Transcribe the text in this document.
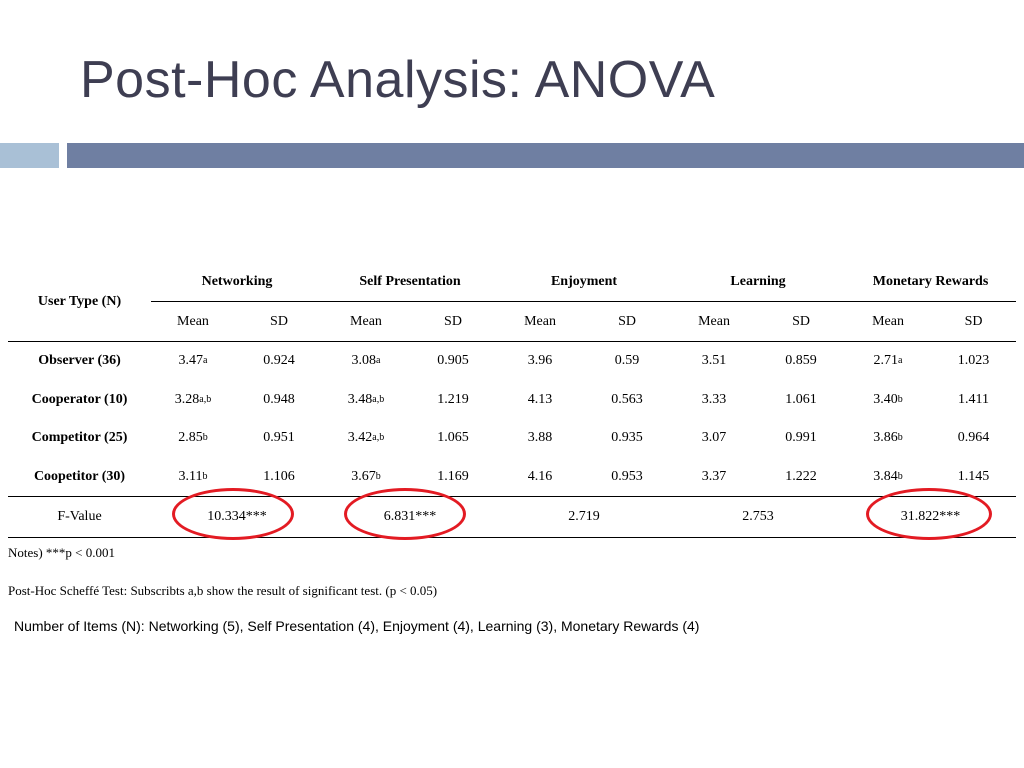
Post-Hoc Analysis: ANOVA
User Type (N)	Networking		Self Presentation		Enjoyment		Learning		Monetary Rewards	
	Mean	SD	Mean	SD	Mean	SD	Mean	SD	Mean	SD
Observer (36)	$3.47_a$	0.924	$3.08_a$	0.905	3.96	0.59	3.51	0.859	$2.71_a$	1.023
Cooperator (10)	$3.28_{a,b}$	0.948	$3.48_{a,b}$	1.219	4.13	0.563	3.33	1.061	$3.40_b$	1.411
Competitor (25)	$2.85_b$	0.951	$3.42_{a,b}$	1.065	3.88	0.935	3.07	0.991	$3.86_b$	0.964
Coopetitor (30)	$3.11_b$	1.106	$3.67_b$	1.169	4.16	0.953	3.37	1.222	$3.84_b$	1.145
F-Value	10.334***		6.831***		2.719		2.753		31.822***	

Notes) ***p < 0.001

Post-Hoc Scheffé Test: Subscribts a,b show the result of significant test. (p < 0.05)

Number of Items (N): Networking (5), Self Presentation (4), Enjoyment (4), Learning (3), Monetary Rewards (4)
